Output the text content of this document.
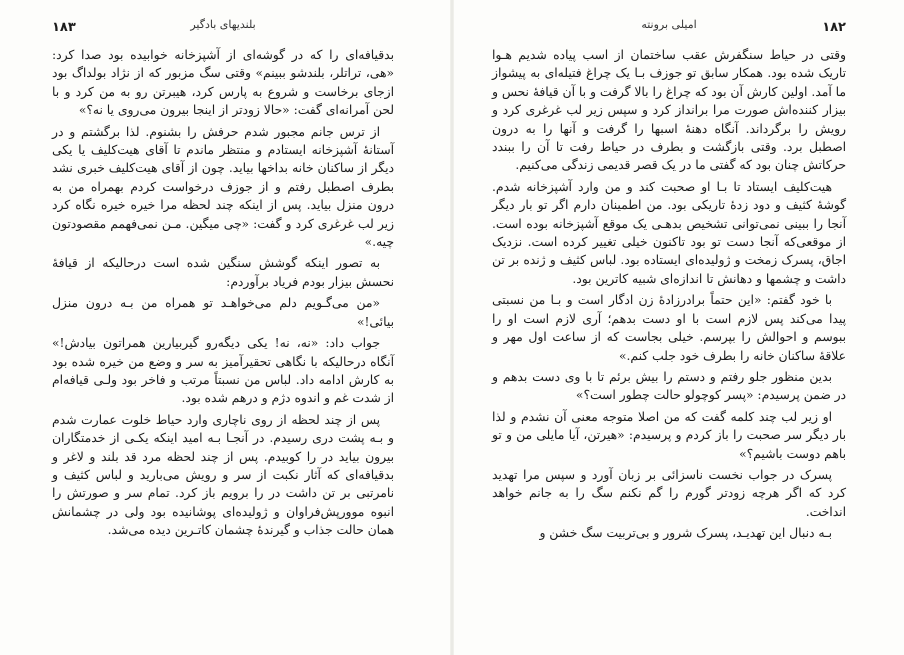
۱۸۳	بلندیهای بادگیر

بدقیافه‌ای را که در گوشه‌ای از آشپزخانه خوابیده بود صدا کرد: «هی، تراتلر، بلندشو ببینم» وقتی سگ مزبور که از نژاد بولداگ بود ازجای برخاست و شروع به پارس کرد، هیبرتن رو به من کرد و با لحن آمرانه‌ای گفت: «حالا زودتر از اینجا بیرون می‌روی یا نه؟»

از ترس جانم مجبور شدم حرفش را بشنوم. لذا برگشتم و در آستانهٔ آشپزخانه ایستادم و منتظر ماندم تا آقای هیت‌کلیف یا یکی دیگر از ساکنان خانه بداخها بیاید. چون از آقای هیت‌کلیف خبری نشد بطرف اصطبل رفتم و از جوزف درخواست کردم بهمراه من به درون منزل بیاید. پس از اینکه چند لحظه مرا خیره خیره نگاه کرد زیر لب غرغری کرد و گفت: «چی میگین. مـن نمی‌فهمم مقصودتون چیه.»

به تصور اینکه گوشش سنگین شده است درحالیکه از قیافهٔ نحسش بیزار بودم فریاد برآوردم:

«من می‌گـویم دلم می‌خواهـد تو همراه من بـه درون منزل بیائی!»

جواب داد: «نه، نه! یکی دیگه‌رو گیربیارین همراتون بیادش!» آنگاه درحالیکه با نگاهی تحقیرآمیز به سر و وضع من خیره شده بود به کارش ادامه داد. لباس من نسبتاً مرتب و فاخر بود ولـی قیافه‌ام از شدت غم و اندوه دژم و درهم شده بود.

پس از چند لحظه از روی ناچاری وارد حیاط خلوت عمارت شدم و بـه پشت دری رسیدم. در آنجـا بـه امید اینکه یکـی از خدمتگاران بیرون بیاید در را کوبیدم. پس از چند لحظه مرد قد بلند و لاغر و بدقیافه‌ای که آثار نکبت از سر و رویش می‌بارید و لباس کثیف و نامرتبی بر تن داشت در را برویم باز کرد. تمام سر و صورتش را انبوه موورپش‌فراوان و ژولیده‌ای پوشانیده بود ولی در چشمانش همان حالت جذاب و گیرندهٔ چشمان کاتـرین دیده می‌شد.

۱۸۲
امیلی برونته

وقتی در حیاط سنگفرش عقب ساختمان از اسب پیاده شدیم هـوا تاریک شده بود. همکار سابق تو جوزف بـا یک چراغ فتیله‌ای به پیشواز ما آمد. اولین کارش آن بود که چراغ را بالا گرفت و با آن قیافهٔ نحس و بیزار کننده‌اش صورت مرا برانداز کرد و سپس زیر لب غرغری کرد و رویش را برگرداند. آنگاه دهنهٔ اسبها را گرفت و آنها را به درون اصطبل برد. وقتی بازگشت و بطرف در حیاط رفت تا آن را ببندد حرکاتش چنان بود که گفتی ما در یک قصر قدیمی زندگی می‌کنیم.

هیت‌کلیف ایستاد تا بـا او صحبت کند و من وارد آشپزخانه شدم. گوشهٔ کثیف و دود زدهٔ تاریکی بود. من اطمینان دارم اگر تو بار دیگر آنجا را ببینی نمی‌توانی تشخیص بدهـی یک موقع آشپزخانه بوده است. از موقعی‌که آنجا دست تو بود تاکنون خیلی تغییر کرده است. نزدیک اجاق، پسرک زمخت و ژولیده‌ای ایستاده بود. لباس کثیف و ژنده بر تن داشت و چشمها و دهانش تا اندازه‌ای شبیه کاترین بود.

با خود گفتم: «این حتماً برادرزادهٔ زن ادگار است و بـا من نسبتی پیدا می‌کند پس لازم است با او دست بدهم؛ آری لازم است او را ببوسم و احوالش را بپرسم. خیلی بجاست که از ساعت اول مهر و علاقهٔ ساکنان خانه را بطرف خود جلب کنم.»

بدین منظور جلو رفتم و دستم را بیش برئم تا با وی دست بدهم و در ضمن پرسیدم: «پسر کوچولو حالت چطور است؟»

او زیر لب چند کلمه گفت که من اصلا متوجه معنی آن نشدم و لذا بار دیگر سر صحبت را باز کردم و پرسیدم: «هیرتن، آیا مایلی من و تو باهم دوست باشیم؟»

پسرک در جواب نخست ناسزائی بر زبان آورد و سپس مرا تهدید کرد که اگر هرچه زودتر گورم را گم نکنم سگ را به جانم خواهد انداخت.

بـه دنبال این تهدیـد، پسرک شرور و بی‌تربیت سگ خشن و
